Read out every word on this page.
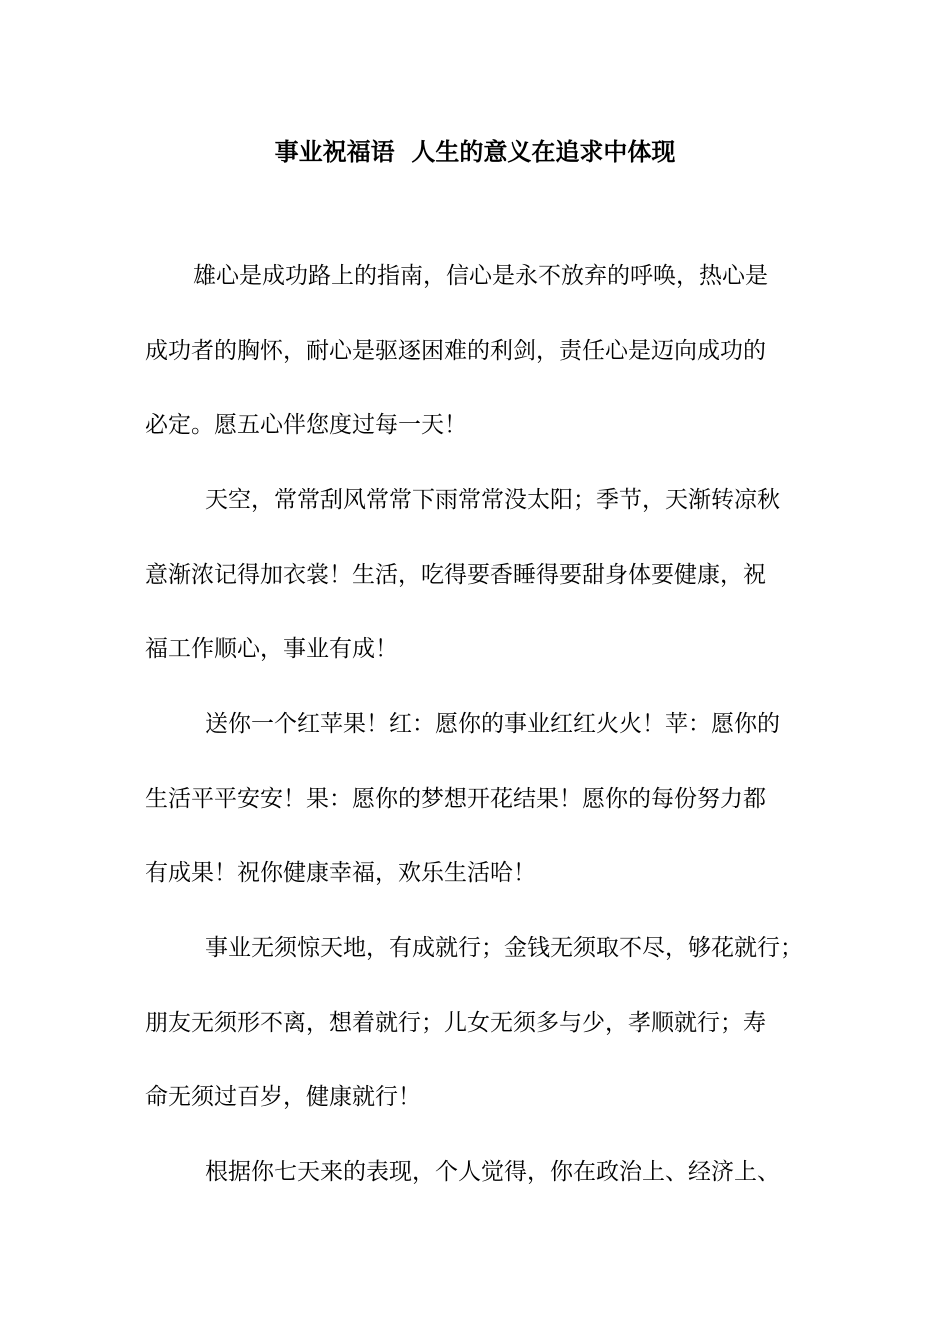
事业祝福语  人生的意义在追求中体现

雄心是成功路上的指南，信心是永不放弃的呼唤，热心是

成功者的胸怀，耐心是驱逐困难的利剑，责任心是迈向成功的

必定。愿五心伴您度过每一天！

天空，常常刮风常常下雨常常没太阳；季节，天渐转凉秋

意渐浓记得加衣裳！生活，吃得要香睡得要甜身体要健康，祝

福工作顺心，事业有成！

送你一个红苹果！红：愿你的事业红红火火！苹：愿你的

生活平平安安！果：愿你的梦想开花结果！愿你的每份努力都

有成果！祝你健康幸福，欢乐生活哈！

事业无须惊天地，有成就行；金钱无须取不尽，够花就行；

朋友无须形不离，想着就行；儿女无须多与少，孝顺就行；寿

命无须过百岁，健康就行！

根据你七天来的表现，个人觉得，你在政治上、经济上、
